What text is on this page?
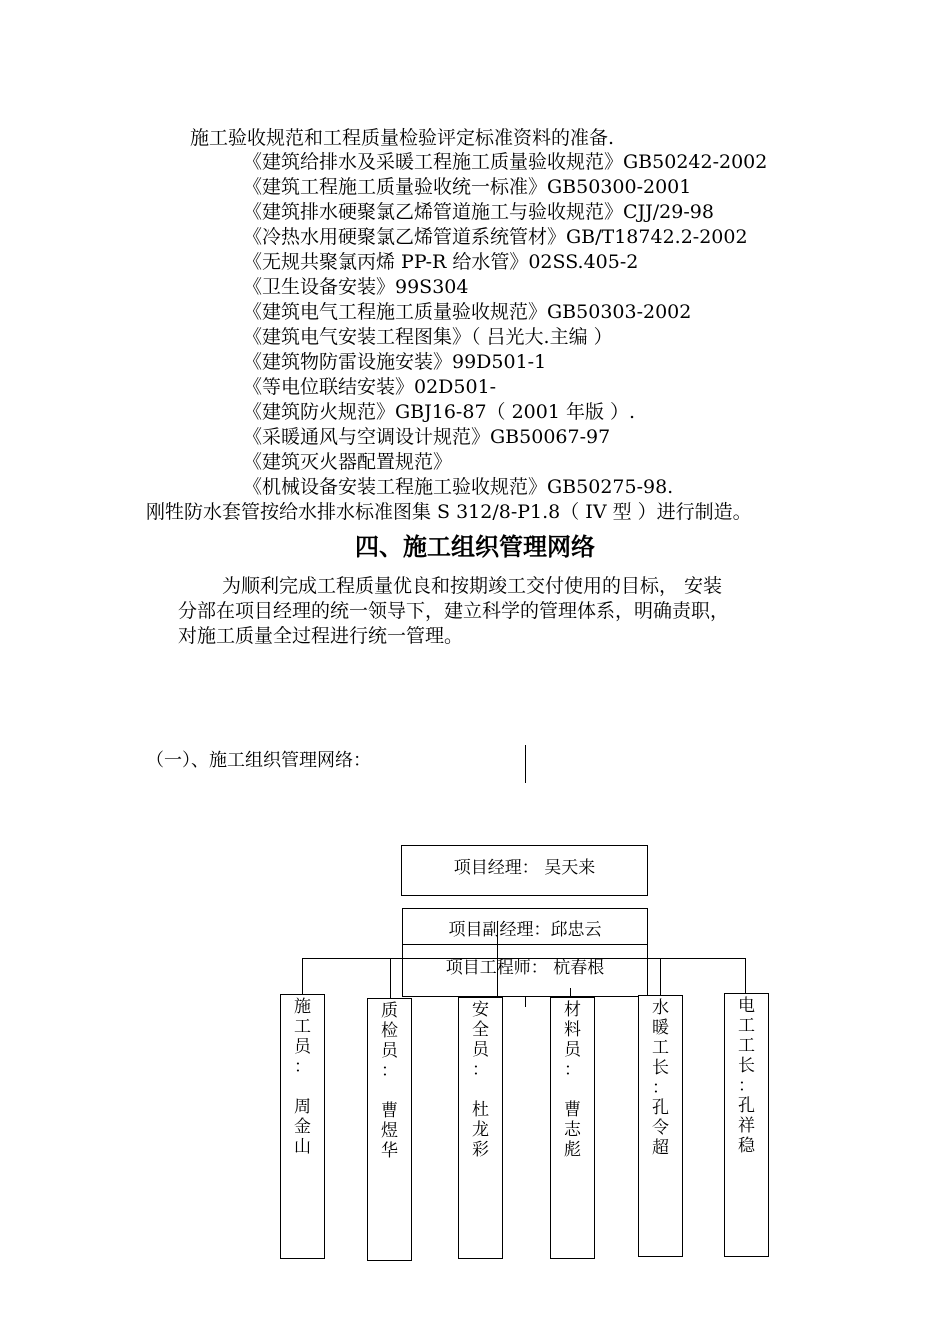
施工验收规范和工程质量检验评定标准资料的准备.
《建筑给排水及采暖工程施工质量验收规范》GB50242-2002
《建筑工程施工质量验收统一标准》GB50300-2001
《建筑排水硬聚氯乙烯管道施工与验收规范》CJJ/29-98
《冷热水用硬聚氯乙烯管道系统管材》GB/T18742.2-2002
《无规共聚氯丙烯 PP-R 给水管》02SS.405-2
《卫生设备安装》99S304
《建筑电气工程施工质量验收规范》GB50303-2002
《建筑电气安装工程图集》（ 吕光大.主编 ）
《建筑物防雷设施安装》99D501-1
《等电位联结安装》02D501-
《建筑防火规范》GBJ16-87（ 2001 年版 ）.
《采暖通风与空调设计规范》GB50067-97
《建筑灭火器配置规范》
《机械设备安装工程施工验收规范》GB50275-98.
刚牲防水套管按给水排水标准图集 S 312/8-P1.8（ IV 型 ）进行制造。
四、施工组织管理网络
为顺利完成工程质量优良和按期竣工交付使用的目标， 安装
分部在项目经理的统一领导下，建立科学的管理体系，明确责职，
对施工质量全过程进行统一管理。
（一）、施工组织管理网络：
项目经理： 吴天来
项目副经理：邱忠云
项目工程师： 杭春根
施
工
员
：

周
金
山
质
检
员
：

曹
煜
华
安
全
员
：

杜
龙
彩
材
料
员
：

曹
志
彪
水
暖
工
长
：
孔
令
超
电
工
工
长
：
孔
祥
稳
